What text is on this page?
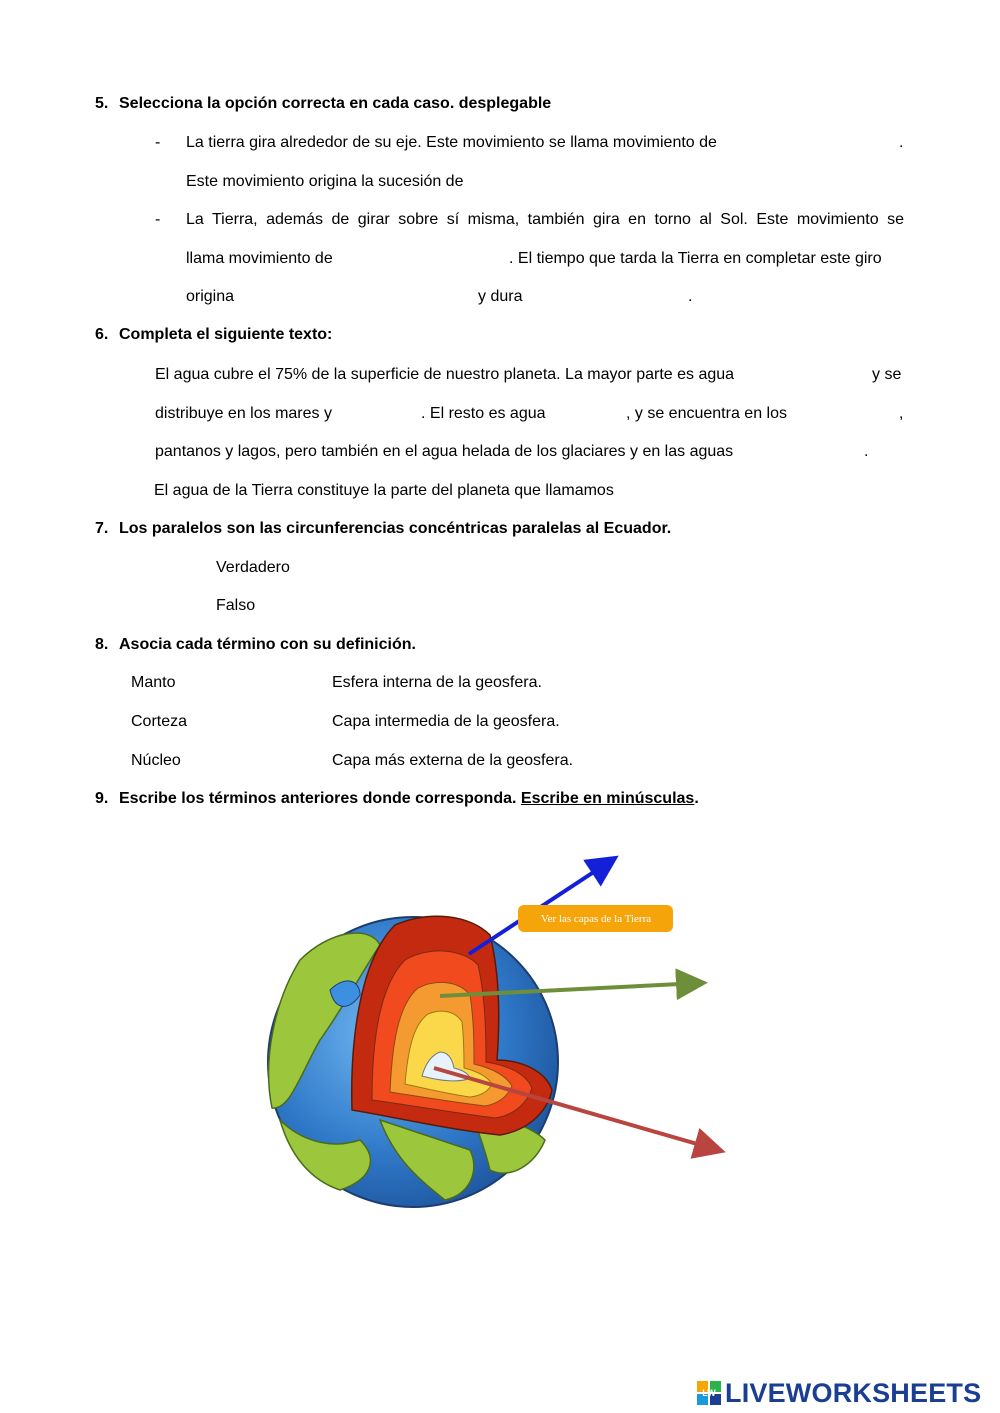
5. Selecciona la opción correcta en cada caso. desplegable
- La tierra gira alrededor de su eje. Este movimiento se llama movimiento de	.
Este movimiento origina la sucesión de
- La Tierra, además de girar sobre sí misma, también gira en torno al Sol. Este movimiento se
llama movimiento de	. El tiempo que tarda la Tierra en completar este giro
origina	y dura	.
6. Completa el siguiente texto:
El agua cubre el 75% de la superficie de nuestro planeta. La mayor parte es agua	y se
distribuye en los mares y	. El resto es agua	, y se encuentra en los	,
pantanos y lagos, pero también en el agua helada de los glaciares y en las aguas	.
El agua de la Tierra constituye la parte del planeta que llamamos
7. Los paralelos son las circunferencias concéntricas paralelas al Ecuador.
Verdadero
Falso
8. Asocia cada término con su definición.
Manto	Esfera interna de la geosfera.
Corteza	Capa intermedia de la geosfera.
Núcleo	Capa más externa de la geosfera.
9. Escribe los términos anteriores donde corresponda. Escribe en minúsculas.
Ver las capas de la Tierra
LW LIVEWORKSHEETS
